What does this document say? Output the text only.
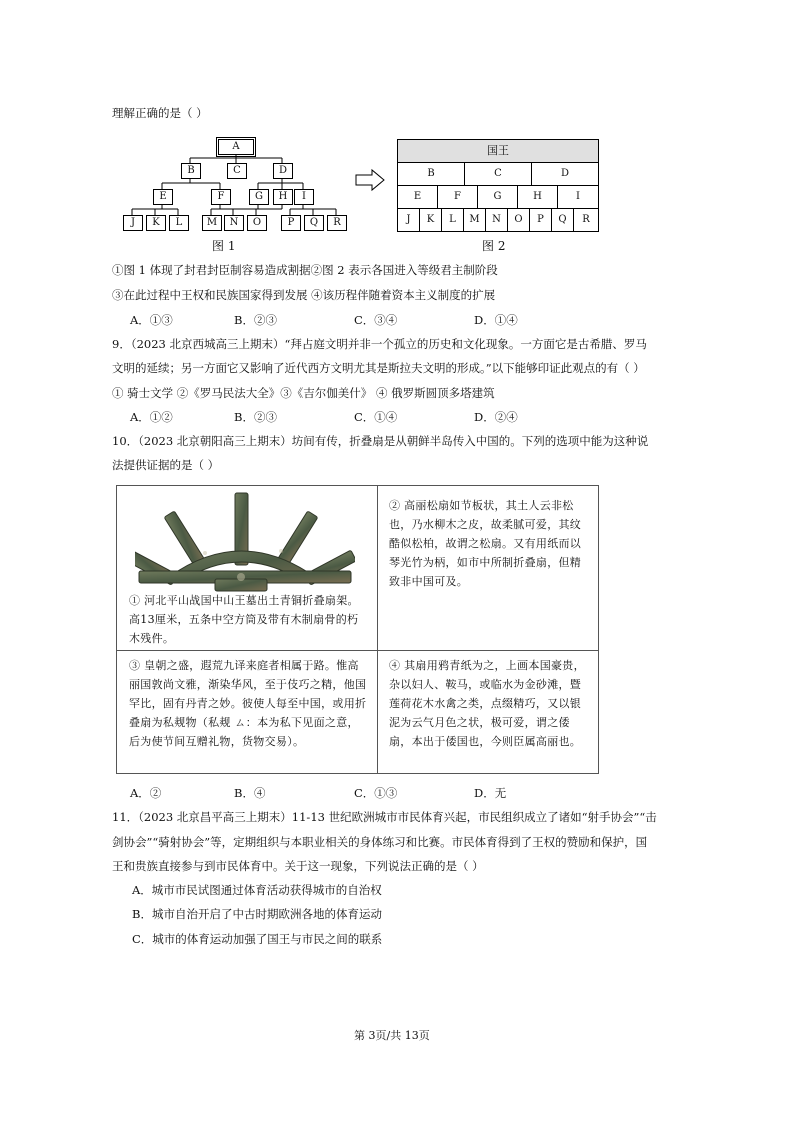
理解正确的是（ ）
A
B	C	D
E	F	G	H	I
J	K	L	M	N	O	P	Q	R
图 1
国王
B	C	D
E	F	G	H	I
J	K	L	M	N	O	P	Q	R
图 2
①图 1 体现了封君封臣制容易造成割据②图 2 表示各国进入等级君主制阶段
③在此过程中王权和民族国家得到发展 ④该历程伴随着资本主义制度的扩展
A．①③	B．②③	C．③④	D．①④
9．（2023 北京西城高三上期末）“拜占庭文明并非一个孤立的历史和文化现象。一方面它是古希腊、罗马
文明的延续；另一方面它又影响了近代西方文明尤其是斯拉夫文明的形成。”以下能够印证此观点的有（ ）
① 骑士文学 ②《罗马民法大全》③《吉尔伽美什》 ④ 俄罗斯圆顶多塔建筑
A．①②	B．②③	C．①④	D．②④
10．（2023 北京朝阳高三上期末）坊间有传，折叠扇是从朝鲜半岛传入中国的。下列的选项中能为这种说
法提供证据的是（ ）
① 河北平山战国中山王墓出土青铜折叠扇架。高13厘米，五条中空方筒及带有木制扇骨的朽木残件。
② 高丽松扇如节板状，其土人云非松也，乃水柳木之皮，故柔腻可爱，其纹酷似松柏，故谓之松扇。又有用纸而以琴光竹为柄，如市中所制折叠扇，但精致非中国可及。
③ 皇朝之盛，遐荒九译来庭者相属于路。惟高丽国敦尚文雅，渐染华风，至于伎巧之精，他国罕比，固有丹青之妙。彼使人每至中国，或用折叠扇为私觌物（私觌 ㄙ：本为私下见面之意，后为使节间互赠礼物，货物交易）。
④ 其扇用鸦青纸为之，上画本国豪贵，杂以妇人、鞍马，或临水为金砂滩，暨莲荷花木水禽之类，点缀精巧，又以银泥为云气月色之状，极可爱，谓之倭扇，本出于倭国也，今则臣属高丽也。
A．②	B．④	C．①③	D．无
11．（2023 北京昌平高三上期末）11-13 世纪欧洲城市市民体育兴起，市民组织成立了诸如“射手协会”“击
剑协会”“骑射协会”等，定期组织与本职业相关的身体练习和比赛。市民体育得到了王权的赞励和保护，国
王和贵族直接参与到市民体育中。关于这一现象，下列说法正确的是（ ）
A．城市市民试图通过体育活动获得城市的自治权
B．城市自治开启了中古时期欧洲各地的体育运动
C．城市的体育运动加强了国王与市民之间的联系
第 3页/共 13页
